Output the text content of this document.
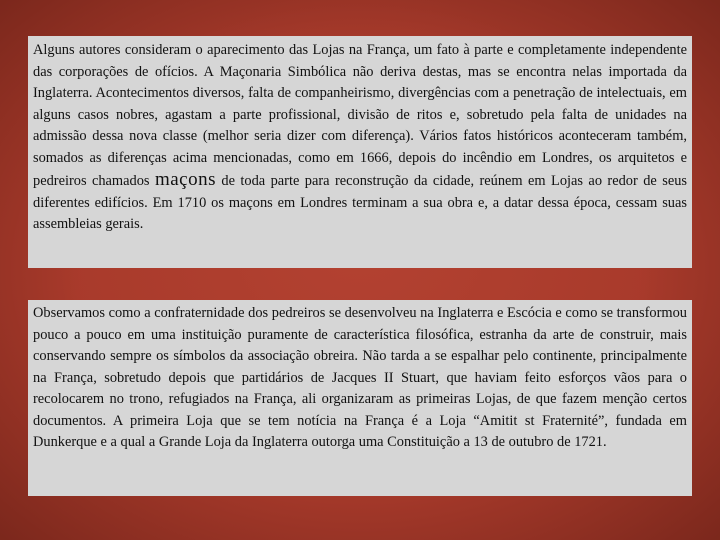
Alguns autores consideram o aparecimento das Lojas na França, um fato à parte e completamente independente das corporações de ofícios. A Maçonaria Simbólica não deriva destas, mas se encontra nelas importada da Inglaterra. Acontecimentos diversos, falta de companheirismo, divergências com a penetração de intelectuais, em alguns casos nobres, agastam a parte profissional, divisão de ritos e, sobretudo pela falta de unidades na admissão dessa nova classe (melhor seria dizer com diferença). Vários fatos históricos aconteceram também, somados as diferenças acima mencionadas, como em 1666, depois do incêndio em Londres, os arquitetos e pedreiros chamados maçons de toda parte para reconstrução da cidade, reúnem em Lojas ao redor de seus diferentes edifícios. Em 1710 os maçons em Londres terminam a sua obra e, a datar dessa época, cessam suas assembleias gerais.
Observamos como a confraternidade dos pedreiros se desenvolveu na Inglaterra e Escócia e como se transformou pouco a pouco em uma instituição puramente de característica filosófica, estranha da arte de construir, mais conservando sempre os símbolos da associação obreira. Não tarda a se espalhar pelo continente, principalmente na França, sobretudo depois que partidários de Jacques II Stuart, que haviam feito esforços vãos para o recolocarem no trono, refugiados na França, ali organizaram as primeiras Lojas, de que fazem menção certos documentos. A primeira Loja que se tem notícia na França é a Loja “Amitit st Fraternité”, fundada em Dunkerque e a qual a Grande Loja da Inglaterra outorga uma Constituição a 13 de outubro de 1721.
